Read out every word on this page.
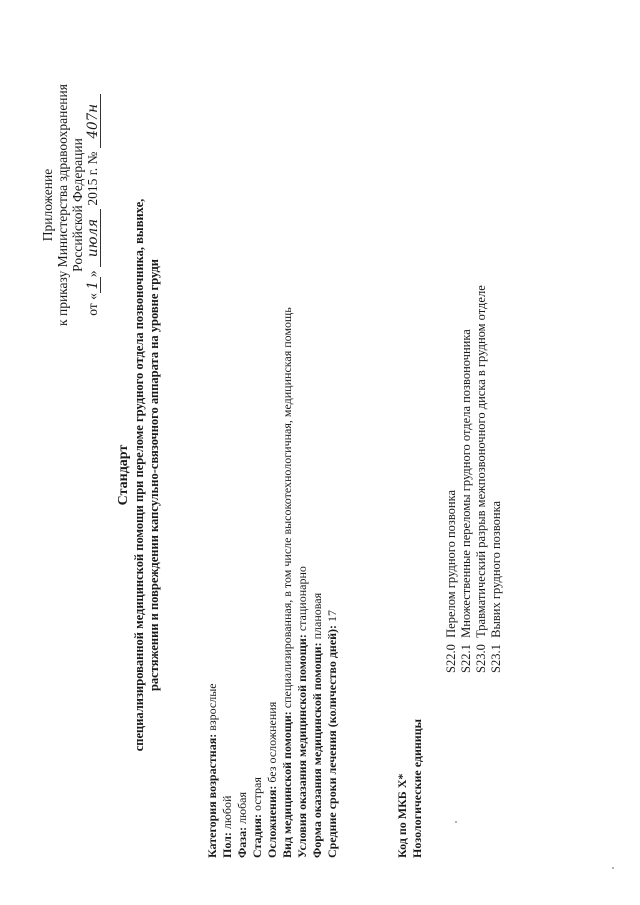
Приложение к приказу Министерства здравоохранения Российской Федерации
от «1» июля 2015 г. № 407н
Стандарт специализированной медицинской помощи при переломе грудного отдела позвоночника, вывихе, растяжении и повреждении капсульно-связочного аппарата на уровне груди
Категория возрастная: взрослые
Пол: любой
Фаза: любая
Стадия: острая Осложнения: без осложнения Вид медицинской помощи: специализированная, в том числе высокотехнологичная, медицинская помощь
Условия оказания медицинской помощи: стационарно
Форма оказания медицинской помощи: плановая
Средние сроки лечения (количество дней): 17
Код по МКБ X* Нозологические единицы
S22.0 Перелом грудного позвонка
S22.1 Множественные переломы грудного отдела позвоночника
S23.0 Травматический разрыв межпозвоночного диска в грудном отделе
S23.1 Вывих грудного позвонка
